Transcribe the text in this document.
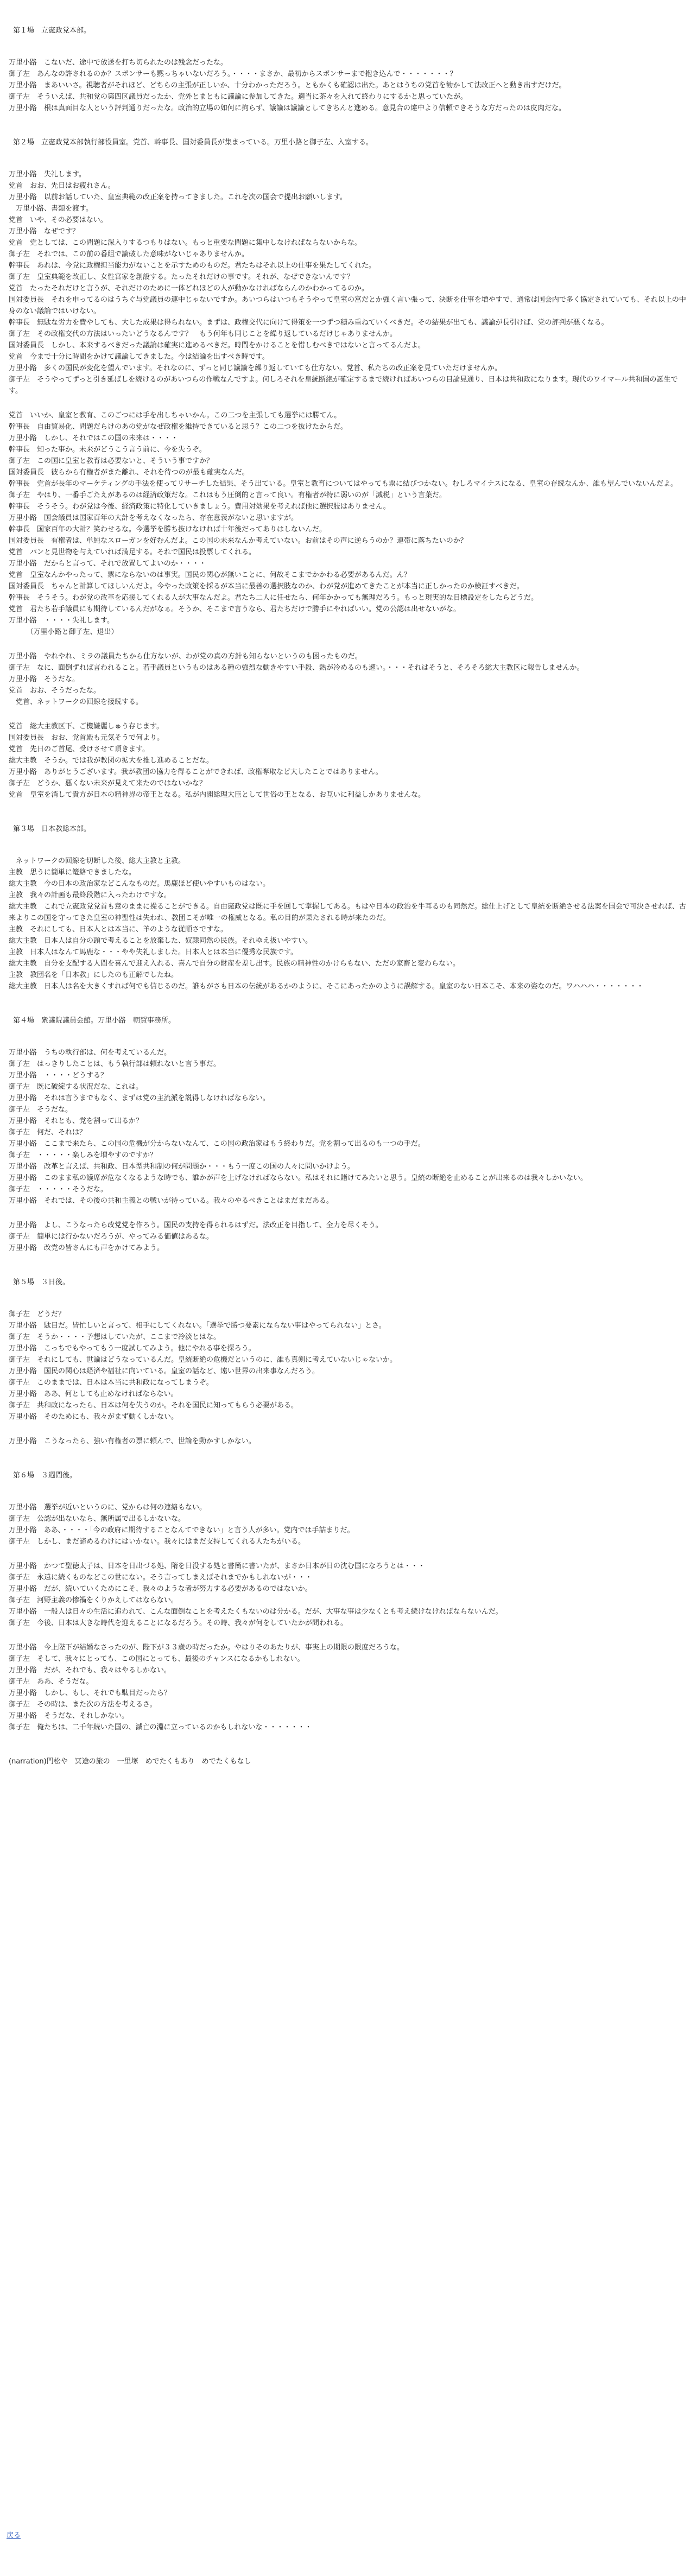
第１場　立憲政党本部。

万里小路　こないだ、途中で放送を打ち切られたのは残念だったな。

御子左　あんなの許されるのか？スポンサーも黙っちゃいないだろう。・・・・まさか、最初からスポンサーまで抱き込んで・・・・・・・？

万里小路　まあいいさ。視聴者がそれほど、どちらの主張が正しいか、十分わかっただろう。ともかくも確認は出た。あとはうちの党首を勧かして法改正へと動き出すだけだ。

御子左　そういえば、共和党の第四区議員だったか、党外とまともに議論に参加してきた。適当に茶々を入れて終わりにするかと思っていたが。

万里小路　根は真面目な人という評判通りだったな。政治的立場の如何に拘らず、議論は議論としてきちんと進める。意見合の違中より信頼できそうな方だったのは皮肉だな。

第２場　立憲政党本部執行部役員室。党首、幹事長、国対委員長が集まっている。万里小路と御子左、入室する。

万里小路　失礼します。

党首　おお、先日はお疲れさん。

万里小路　以前お話していた、皇室典範の改正案を持ってきました。これを次の国会で提出お願いします。

　万里小路、書類を渡す。

党首　いや、その必要はない。

万里小路　なぜです？

党首　党としては、この問題に深入りするつもりはない。もっと重要な問題に集中しなければならないからな。

御子左　それでは、この前の番組で論破した意味がないじゃありませんか。

幹事長　あれは、今党に政権担当能力がないことを示すためのものだ。君たちはそれ以上の仕事を果たしてくれた。

御子左　皇室典範を改正し、女性宮家を創設する。たったそれだけの事です。それが、なぜできないんです？

党首　たったそれだけと言うが、それだけのために一体どれほどの人が動かなければならんのかわかってるのか。

国対委員長　それを申ってるのはうちぐ与党議員の連中じゃないですか。あいつらはいつもそうやって皇室の富だとか強く言い張って、決断を仕事を増やすで、通常は国会内で多く協定されていても、それ以上の中身のない議論ではいけない。

幹事長　無駄な労力を費やしても、大した成果は得られない。まずは、政権交代に向けて得策を一つずつ積み重ねていくべきだ。その結果が出ても、議論が長引けば、党の評判が悪くなる。

御子左　その政権交代の方法はいったいどうなるんです？　もう何年も同じことを繰り返しているだけじゃありませんか。

国対委員長　しかし、本来するべきだった議論は確実に進めるべきだ。時間をかけることを惜しむべきではないと言ってるんだよ。

党首　今まで十分に時間をかけて議論してきました。今は結論を出すべき時です。

万里小路　多くの国民が変化を望んでいます。それなのに、ずっと同じ議論を繰り返していても仕方ない。党首、私たちの改正案を見ていただけませんか。

御子左　そうやってずっと引き延ばしを続けるのがあいつらの作戦なんですよ。何しろそれを皇統断絶が確定するまで続ければあいつらの目論見通り、日本は共和政になります。現代のワイマール共和国の誕生です。

党首　いいか、皇室と教育、このごつには手を出しちゃいかん。この二つを主張しても選挙には勝てん。

幹事長　自由貿易化、問題だらけのあの党がなぜ政権を維持できていると思う？この二つを抜けたからだ。

万里小路　しかし、それではこの国の未来は・・・・

幹事長　知った事か。未来がどうこう言う前に、今を失うぞ。

御子左　この国に皇室と教育は必要ないと、そういう事ですか？

国対委員長　彼らから有権者がまた離れ、それを待つのが最も確実なんだ。

幹事長　党首が長年のマーケティングの手法を使ってリサーチした結果、そう出ている。皇室と教育についてはやっても票に結びつかない。むしろマイナスになる、皇室の存続なんか、誰も望んでいないんだよ。

御子左　やはり、一番手ごたえがあるのは経済政策だな。これはもう圧倒的と言って良い。有権者が特に弱いのが「減税」という言葉だ。

幹事長　そうそう。わが党は今後、経済政策に特化していきましょう。費用対効果を考えれば他に選択肢はありません。

万里小路　国会議員は国家百年の大計を考えなくなったら、存在意義がないと思いますが。

幹事長　国家百年の大計？笑わせるな。今選挙を勝ち抜けなければ十年後だってありはしないんだ。

国対委員長　有権者は、単純なスローガンを好むんだよ。この国の未来なんか考えていない。お前はその声に逆らうのか？連帯に落ちたいのか？

党首　パンと見世物を与えていれば満足する。それで国民は投票してくれる。

万里小路　だからと言って、それで放置してよいのか・・・・

党首　皇室なんかやったって、票にならないのは事実。国民の関心が無いことに、何故そこまでかかわる必要があるんだ。ん？

国対委員長　ちゃんと計算してほしいんだよ。今やった政策を採るが本当に最善の選択肢なのか、わが党が進めてきたことが本当に正しかったのか検証すべきだ。

幹事長　そうそう。わが党の改革を応援してくれる人が大事なんだよ。君たち二人に任せたら、何年かかっても無理だろう。もっと現実的な目標設定をしたらどうだ。

党首　君たち若手議員にも期待しているんだがなぁ。そうか、そこまで言うなら、君たちだけで勝手にやればいい。党の公認は出せないがな。

万里小路　・・・・失礼します。

　　　（万里小路と御子左、退出）

万里小路　やれやれ、ミラの議員たちから仕方ないが、わが党の真の方針も知らないというのも困ったものだ。

御子左　なに、面倒ずれば言われること。若手議員というものはある種の強烈な動きやすい手段、熱が冷めるのも速い。・・・それはそうと、そろそろ総大主教区に報告しませんか。

万里小路　そうだな。

党首　おお、そうだったな。

　党首、ネットワークの回線を接続する。

党首　総大主教区下、ご機嫌麗しゅう存じます。

国対委員長　おお、党首殿も元気そうで何より。

党首　先日のご首尾、受けさせて頂きます。

総大主教　そうか。では我が教団の拡大を推し進めることだな。

万里小路　ありがとうございます。我が教団の協力を得ることができれば、政権奪取など大したことではありません。

御子左　どうか、悪くない未来が見えて来たのではないかな？

党首　皇室を消して貴方が日本の精神界の帝王となる。私が内閣総理大臣として世俗の王となる、お互いに利益しかありませんな。

第３場　日本教総本部。

　ネットワークの回線を切断した後、総大主教と主教。

主教　思うに簡単に篭絡できましたな。

総大主教　今の日本の政治家などこんなものだ。馬鹿ほど使いやすいものはない。

主教　我々の計画も最終段階に入ったわけですな。

総大主教　これで立憲政党党首も意のままに操ることができる。自由憲政党は既に手を回して掌握してある。もはや日本の政治を牛耳るのも同然だ。総仕上げとして皇統を断絶させる法案を国会で可決させれば、古来よりこの国を守ってきた皇室の神聖性は失われ、教団こそが唯一の権威となる。私の目的が果たされる時が来たのだ。

主教　それにしても、日本人とは本当に、羊のような従順さですな。

総大主教　日本人は自分の頭で考えることを放棄した、奴隷同然の民族。それゆえ扱いやすい。

主教　日本人はなんて馬鹿な・・・やや失礼しました。日本人とは本当に優秀な民族です。

総大主教　自分を支配する人間を喜んで迎え入れる、喜んで自分の財産を差し出す。民族の精神性のかけらもない、ただの家畜と変わらない。

主教　教団名を「日本教」にしたのも正解でしたね。

総大主教　日本人は名を大きくすれば何でも信じるのだ。誰もがさも日本の伝統があるかのように、そこにあったかのように誤解する。皇室のない日本こそ、本来の姿なのだ。ワハハハ・・・・・・・

第４場　衆議院議員会館。万里小路　朝賀事務所。

万里小路　うちの執行部は、何を考えているんだ。

御子左　はっきりしたことは、もう執行部は頼れないと言う事だ。

万里小路　・・・・どうする？

御子左　既に破綻する状況だな、これは。

万里小路　それは言うまでもなく、まずは党の主流派を説得しなければならない。

御子左　そうだな。

万里小路　それとも、党を割って出るか？

御子左　何だ、それは？

万里小路　ここまで来たら、この国の危機が分からないなんて、この国の政治家はもう終わりだ。党を割って出るのも一つの手だ。

御子左　・・・・・楽しみを増やすのですか？

万里小路　改革と言えば、共和政、日本型共和制の何が問題か・・・もう一度この国の人々に問いかけよう。

万里小路　このまま私の議席が危なくなるような時でも、誰かが声を上げなければならない。私はそれに賭けてみたいと思う。皇統の断絶を止めることが出来るのは我々しかいない。

御子左　・・・・・そうだな。

万里小路　それでは、その後の共和主義との戦いが待っている。我々のやるべきことはまだまだある。

万里小路　よし、こうなったら改党党を作ろう。国民の支持を得られるはずだ。法改正を目指して、全力を尽くそう。

御子左　簡単には行かないだろうが、やってみる価値はあるな。

万里小路　改党の皆さんにも声をかけてみよう。

第５場　３日後。

御子左　どうだ？

万里小路　駄目だ。皆忙しいと言って、相手にしてくれない。「選挙で勝つ要素にならない事はやってられない」とさ。

御子左　そうか・・・・予想はしていたが、ここまで冷淡とはな。

万里小路　こっちでもやってもう一度試してみよう。他にやれる事を探ろう。

御子左　それにしても、世論はどうなっているんだ。皇統断絶の危機だというのに、誰も真剣に考えていないじゃないか。

万里小路　国民の関心は経済や福祉に向いている。皇室の話など、遠い世界の出来事なんだろう。

御子左　このままでは、日本は本当に共和政になってしまうぞ。

万里小路　ああ、何としても止めなければならない。

御子左　共和政になったら、日本は何を失うのか。それを国民に知ってもらう必要がある。

万里小路　そのためにも、我々がまず動くしかない。

万里小路　こうなったら、強い有権者の票に頼んで、世論を動かすしかない。

第６場　３週間後。

万里小路　選挙が近いというのに、党からは何の連絡もない。

御子左　公認が出ないなら、無所属で出るしかないな。

万里小路　ああ、・・・・「今の政府に期待することなんてできない」と言う人が多い。党内では手詰まりだ。

御子左　しかし、まだ諦めるわけにはいかない。我々にはまだ支持してくれる人たちがいる。

万里小路　かつて聖徳太子は、日本を日出づる処、隋を日没する処と書簡に書いたが、まさか日本が日の沈む国になろうとは・・・

御子左　永遠に続くものなどこの世にない。そう言ってしまえばそれまでかもしれないが・・・

万里小路　だが、続いていくためにこそ、我々のような者が努力する必要があるのではないか。

御子左　河野主義の惨禍をくりかえしてはならない。

万里小路　一般人は日々の生活に追われて、こんな面倒なことを考えたくもないのは分かる。だが、大事な事は少なくとも考え続けなければならないんだ。

御子左　今後、日本は大きな時代を迎えることになるだろう。その時、我々が何をしていたかが問われる。

万里小路　今上陛下が結婚なさったのが、陛下が３３歳の時だったか。やはりそのあたりが、事実上の期限の限度だろうな。

御子左　そして、我々にとっても、この国にとっても、最後のチャンスになるかもしれない。

万里小路　だが、それでも、我々はやるしかない。

御子左　ああ、そうだな。

万里小路　しかし、もし、それでも駄目だったら？

御子左　その時は、また次の方法を考えるさ。

万里小路　そうだな、それしかない。

御子左　俺たちは、二千年続いた国の、滅亡の淵に立っているのかもしれないな・・・・・・・

(narration)門松や　冥途の旅の　一里塚　めでたくもあり　めでたくもなし

戻る
